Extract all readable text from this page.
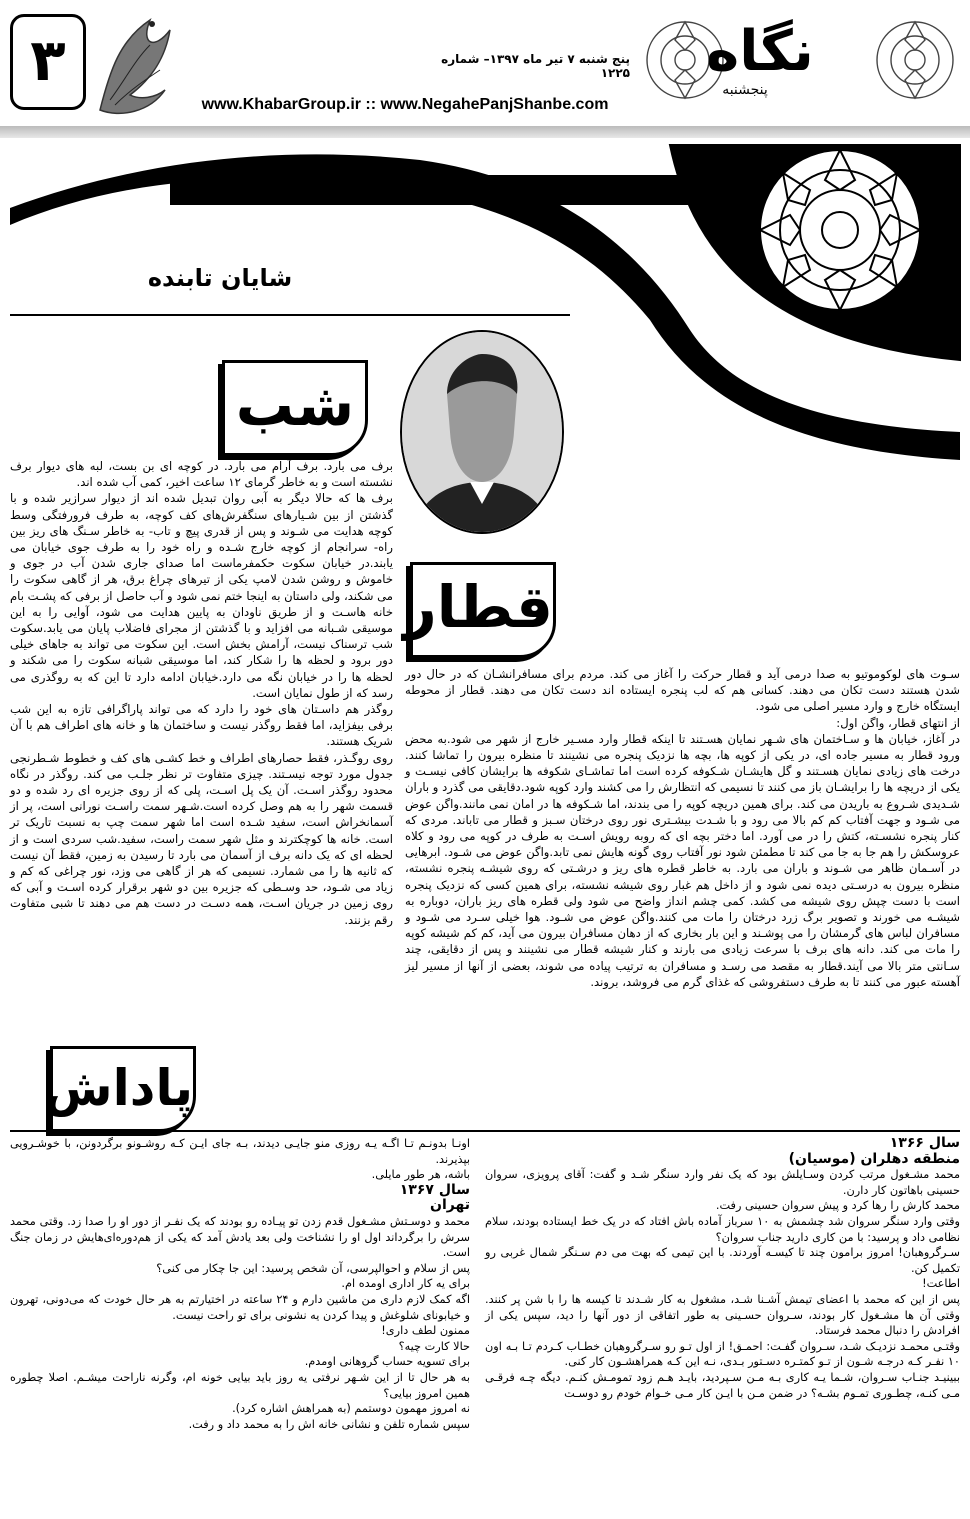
۳	پنج شنبه ۷ تیر ماه ۱۳۹۷– شماره ۱۲۲۵
www.KhabarGroup.ir :: www.NegahePanjShanbe.com
نگاه
پنجشنبه
شایان تابنده
شب

برف می بارد. برف آرام می بارد. در کوچه ای بن بست، لبه های دیوار برف نشسته است و به خاطر گرمای ۱۲ ساعت اخیر، کمی آب شده اند.

برف ها که حالا دیگر به آبی روان تبدیل شده اند از دیوار سرازیر شده و با گذشتن از بین شـیارهای سنگفرش‌های کف کوچه، به طرف فرورفتگی وسط کوچه هدایت می شـوند و پس از قدری پیچ و تاب- به خاطر سـنگ های ریز بین راه- سرانجام از کوچه خارج شـده و راه خود را به طرف جوی خیابان می یابند.در خیابان سکوت حکمفرماست اما صدای جاری شدن آب در جوی و خاموش و روشن شدن لامپ یکی از تیرهای چراغ برق، هر از گاهی سکوت را می شکند، ولی داستان به اینجا ختم نمی شود و آب حاصل از برفی که پشـت بام خانه هاسـت و از طریق ناودان به پایین هدایت می شود، آوایی را به این موسیقی شـبانه می افزاید و با گذشتن از مجرای فاضلاب پایان می یابد.سکوت شب ترسناک نیست، آرامش بخش است. این سکوت می تواند به جاهای خیلی دور برود و لحظه ها را شکار کند، اما موسیقی شبانه سکوت را می شکند و لحظه ها را در خیابان نگه می دارد.خیابان ادامه دارد تا این که به روگذری می رسد که از طول نمایان است.

روگذر هم داسـتان های خود را دارد که می تواند پاراگرافی تازه به این شب برفی بیفزاید، اما فقط روگذر نیست و ساختمان ها و خانه های اطراف هم با آن شریک هستند.

روی روگـذر، فقط حصارهای اطراف و خط کشـی های کف و خطوط شـطرنجی جدول مورد توجه نیسـتند. چیزی متفاوت تر نظر جلـب می کند. روگذر در نگاه محدود روگذر اسـت. آن یک پل اسـت، پلی که از روی جزیره ای رد شده و دو قسمت شهر را به هم وصل کرده است.شـهر سمت راسـت نورانی است، پر از آسمانخراش است، سفید شـده است اما شهر سمت چپ به نسبت تاریک تر است. خانه ها کوچکترند و مثل شهر سمت راست، سفید.شب سردی است و از لحظه ای که یک دانه برف از آسمان می بارد تا رسیدن به زمین، فقط آن نیست که ثانیه ها را می شمارد. نسیمی که هر از گاهی می وزد، نور چراغی که کم و زیاد می شـود، حد وسـطی که جزیره بین دو شهر برقرار کرده اسـت و آبی که روی زمین در جریان اسـت، همه دسـت در دست هم می دهند تا شبی متفاوت رقم بزنند.

قطار

سـوت های لوکوموتیو به صدا درمی آید و قطار حرکت را آغاز می کند. مردم برای مسافرانشـان که در حال دور شدن هستند دست تکان می دهند. کسانی هم که لب پنجره ایستاده اند دست تکان می دهند. قطار از محوطه ایستگاه خارج و وارد مسیر اصلی می شود.

از انتهای قطار، واگن اول:

در آغاز، خیابان ها و سـاختمان های شـهر نمایان هسـتند تا اینکه قطار وارد مسـیر خارج از شهر می شود.به محض ورود قطار به مسیر جاده ای، در یکی از کوپه ها، بچه ها نزدیک پنجره می نشینند تا منظره بیرون را تماشا کنند. درخت های زیادی نمایان هسـتند و گل هایشـان شـکوفه کرده است اما تماشـای شکوفه ها برایشان کافی نیسـت و یکی از دریچه ها را برایشـان باز می کنند تا نسیمی که انتظارش را می کشند وارد کوپه شود.دقایقی می گذرد و باران شـدیدی شـروع به باریدن می کند. برای همین دریچه کوپه را می بندند، اما شـکوفه ها در امان نمی مانند.واگن عوض می شـود و جهت آفتاب کم کم بالا می رود و با شـدت بیشـتری نور روی درختان سـبز و قطار می تاباند. مردی که کنار پنجره نشسـته، کتش را در می آورد. اما دختر بچه ای که روبه رویش اسـت به طرف در کوپه می رود و کلاه عروسکش را هم جا به جا می کند تا مطمئن شود نور آفتاب روی گونه هایش نمی تابد.واگن عوض می شـود. ابرهایی در آسـمان ظاهر می شـوند و باران می بارد. به خاطر قطره های ریز و درشـتی که روی شیشـه پنجره نشسته، منظره بیرون به درسـتی دیده نمی شود و از داخل هم غبار روی شیشه نشسته، برای همین کسی که نزدیک پنجره است با دست چپش روی شیشه می کشد. کمی چشم انداز واضح می شود ولی قطره های ریز باران، دوباره به شیشـه می خورند و تصویر برگ زرد درختان را مات می کنند.واگن عوض می شـود. هوا خیلی سـرد می شـود و مسافران لباس های گرمشان را می پوشـند و این بار بخاری که از دهان مسافران بیرون می آید، کم کم شیشه کوپه را مات می کند. دانه های برف با سرعت زیادی می بارند و کنار شیشه قطار می نشینند و پس از دقایقی، چند سـانتی متر بالا می آیند.قطار به مقصد می رسـد و مسافران به ترتیب پیاده می شوند، بعضی از آنها از مسیر لیز آهسته عبور می کنند تا به طرف دستفروشی که غذای گرم می فروشد، بروند.

پاداش

سال ۱۳۶۶

منطقه دهلران (موسیان)

محمد مشـغول مرتب کردن وسـایلش بود که یک نفر وارد سنگر شـد و گفت: آقای پرویزی، سروان حسینی باهاتون کار دارن.

محمد کارش را رها کرد و پیش سروان حسینی رفت.

وقتی وارد سنگر سروان شد چشمش به ۱۰ سرباز آماده باش افتاد که در یک خط ایستاده بودند، سلام نظامی داد و پرسید: با من کاری دارید جناب سروان؟

سـرگروهبان! امروز برامون چند تا کیسـه آوردند. با این تیمی که بهت می دم سـنگر شمال غربی رو تکمیل کن.

اطاعت!

پس از این که محمد با اعضای تیمش آشـنا شـد، مشغول به کار شـدند تا کیسه ها را با شن پر کنند. وقتی آن ها مشـغول کار بودند، سـروان حسـینی به طور اتفاقی از دور آنها را دید، سپس یکی از افرادش را دنبال محمد فرستاد.

وقتـی محمـد نزدیـک شـد، سـروان گفـت: احمـق! از اول تـو رو سـرگروهبان خطـاب کـردم تـا بـه اون ۱۰ نفـر کـه درجـه شـون از تـو کمتـره دسـتور بـدی، نـه این کـه همراهشـون کار کنی.

ببینیـد جنـاب سـروان، شـما یـه کاری بـه مـن سـپردید، بایـد هـم زود تمومـش کنـم. دیگه چـه فرقـی مـی کنـه، چطـوری تمـوم بشـه؟ در ضمن مـن با ایـن کار مـی خـوام خودم رو دوسـت

اونـا بدونـم تـا اگـه یـه روزی منو جایـی دیدند، بـه جای ایـن کـه روشـونو برگردونن، با خوشـرویی بپذیرند.

باشه، هر طور مایلی.

سال ۱۳۶۷

تهران

محمد و دوسـتش مشـغول قدم زدن تو پیـاده رو بودند که یک نفـر از دور او را صدا زد. وقتی محمد سرش را برگرداند اول او را نشناخت ولی بعد یادش آمد که یکی از هم‌دوره‌ای‌هایش در زمان جنگ است.

پس از سلام و احوالپرسی، آن شخص پرسید: این جا چکار می کنی؟

برای یه کار اداری اومده ام.

اگه کمک لازم داری من ماشین دارم و ۲۴ ساعته در اختیارتم به هر حال خودت که می‌دونی، تهرون و خیابونای شلوغش و پیدا کردن یه نشونی برای تو راحت نیست.

ممنون لطف داری!

حالا کارت چیه؟

برای تسویه حساب گروهانی اومدم.

به هر حال تا از این شـهر نرفتی یه روز باید بیایی خونه ام، وگرنه ناراحت میشـم. اصلا چطوره همین امروز بیایی؟

نه امروز مهمون دوستمم (به همراهش اشاره کرد).

سپس شماره تلفن و نشانی خانه اش را به محمد داد و رفت.
